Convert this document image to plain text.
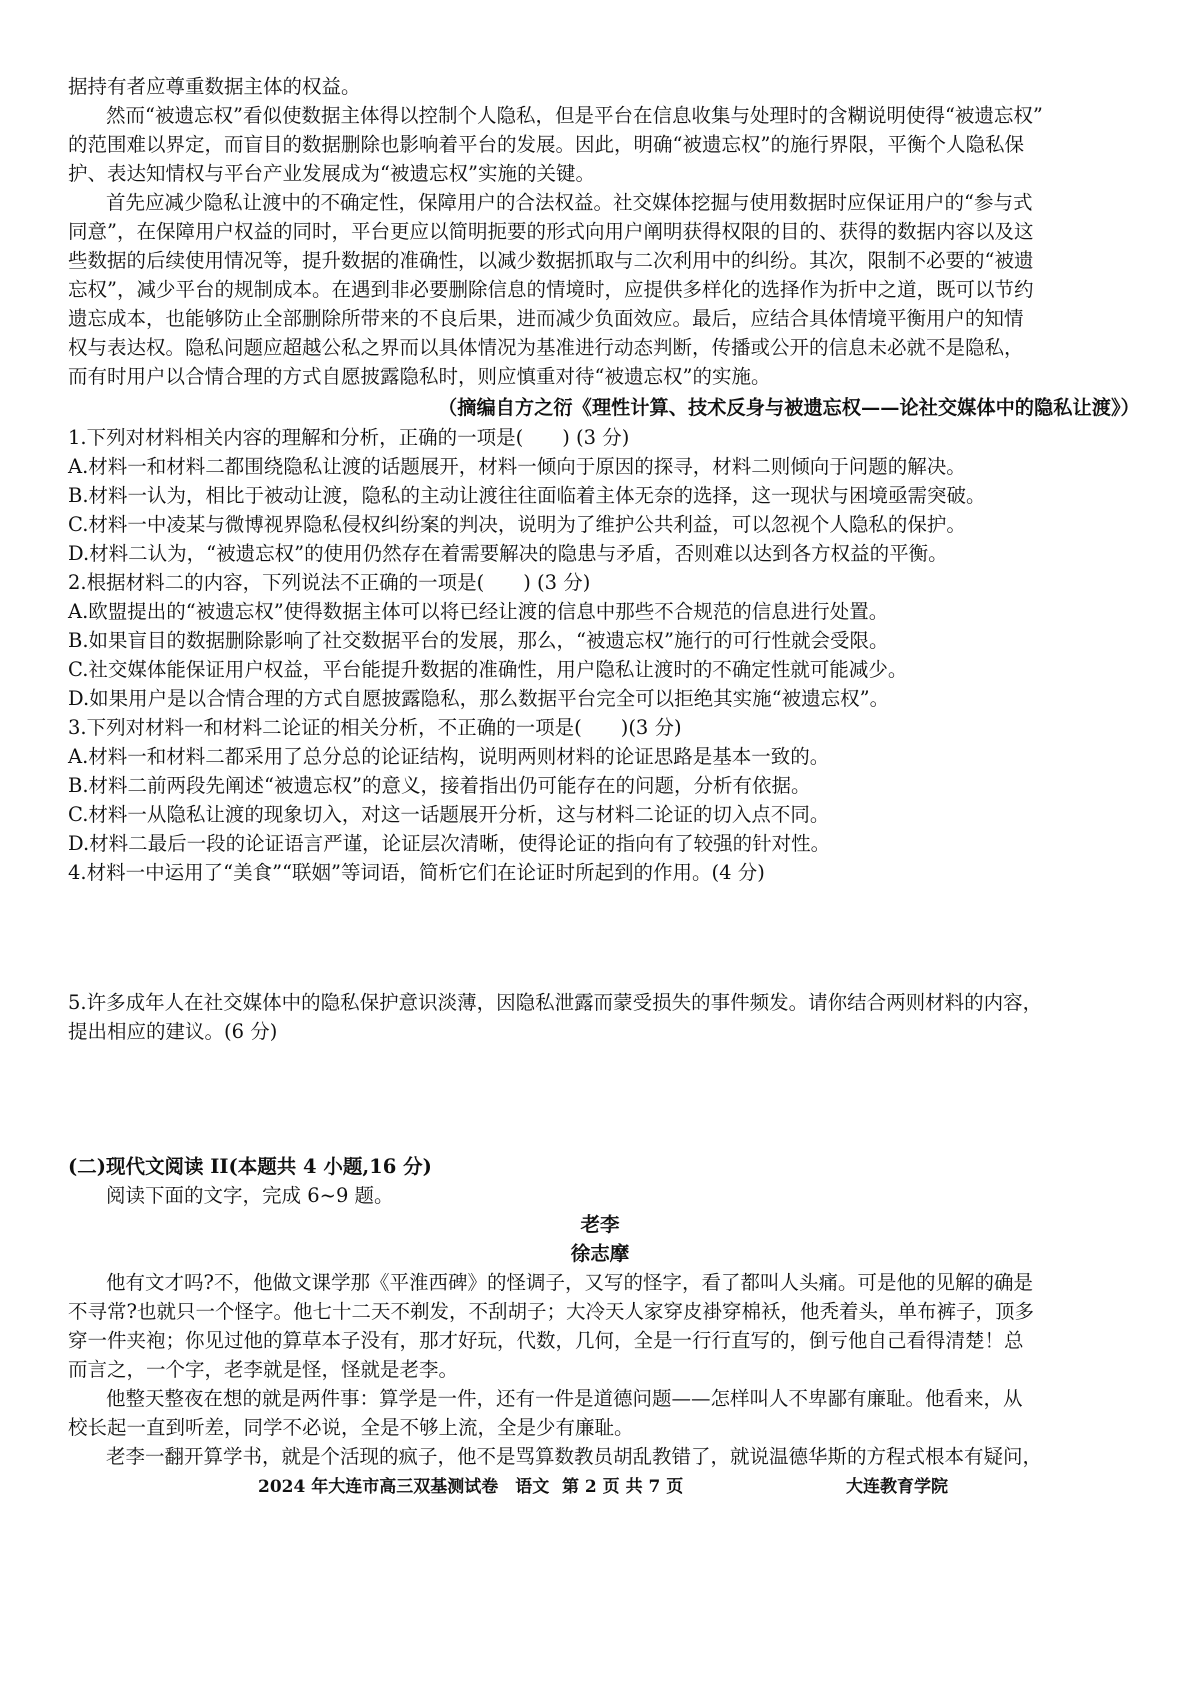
据持有者应尊重数据主体的权益。
然而“被遗忘权”看似使数据主体得以控制个人隐私，但是平台在信息收集与处理时的含糊说明使得“被遗忘权”
的范围难以界定，而盲目的数据删除也影响着平台的发展。因此，明确“被遗忘权”的施行界限，平衡个人隐私保
护、表达知情权与平台产业发展成为“被遗忘权”实施的关键。
首先应减少隐私让渡中的不确定性，保障用户的合法权益。社交媒体挖掘与使用数据时应保证用户的“参与式
同意”，在保障用户权益的同时，平台更应以简明扼要的形式向用户阐明获得权限的目的、获得的数据内容以及这
些数据的后续使用情况等，提升数据的准确性，以减少数据抓取与二次利用中的纠纷。其次，限制不必要的“被遗
忘权”，减少平台的规制成本。在遇到非必要删除信息的情境时，应提供多样化的选择作为折中之道，既可以节约
遗忘成本，也能够防止全部删除所带来的不良后果，进而减少负面效应。最后，应结合具体情境平衡用户的知情
权与表达权。隐私问题应超越公私之界而以具体情况为基准进行动态判断，传播或公开的信息未必就不是隐私，
而有时用户以合情合理的方式自愿披露隐私时，则应慎重对待“被遗忘权”的实施。
（摘编自方之衍《理性计算、技术反身与被遗忘权——论社交媒体中的隐私让渡》）
1.下列对材料相关内容的理解和分析，正确的一项是(　　) (3 分)
A.材料一和材料二都围绕隐私让渡的话题展开，材料一倾向于原因的探寻，材料二则倾向于问题的解决。
B.材料一认为，相比于被动让渡，隐私的主动让渡往往面临着主体无奈的选择，这一现状与困境亟需突破。
C.材料一中凌某与微博视界隐私侵权纠纷案的判决，说明为了维护公共利益，可以忽视个人隐私的保护。
D.材料二认为，“被遗忘权”的使用仍然存在着需要解决的隐患与矛盾，否则难以达到各方权益的平衡。
2.根据材料二的内容，下列说法不正确的一项是(　　) (3 分)
A.欧盟提出的“被遗忘权”使得数据主体可以将已经让渡的信息中那些不合规范的信息进行处置。
B.如果盲目的数据删除影响了社交数据平台的发展，那么，“被遗忘权”施行的可行性就会受限。
C.社交媒体能保证用户权益，平台能提升数据的准确性，用户隐私让渡时的不确定性就可能减少。
D.如果用户是以合情合理的方式自愿披露隐私，那么数据平台完全可以拒绝其实施“被遗忘权”。
3.下列对材料一和材料二论证的相关分析，不正确的一项是(　　)(3 分)
A.材料一和材料二都采用了总分总的论证结构，说明两则材料的论证思路是基本一致的。
B.材料二前两段先阐述“被遗忘权”的意义，接着指出仍可能存在的问题，分析有依据。
C.材料一从隐私让渡的现象切入，对这一话题展开分析，这与材料二论证的切入点不同。
D.材料二最后一段的论证语言严谨，论证层次清晰，使得论证的指向有了较强的针对性。
4.材料一中运用了“美食”“联姻”等词语，简析它们在论证时所起到的作用。(4 分)
5.许多成年人在社交媒体中的隐私保护意识淡薄，因隐私泄露而蒙受损失的事件频发。请你结合两则材料的内容，
提出相应的建议。(6 分)
(二)现代文阅读 II(本题共 4 小题,16 分)
阅读下面的文字，完成 6~9 题。
老李
徐志摩
他有文才吗?不，他做文课学那《平淮西碑》的怪调子，又写的怪字，看了都叫人头痛。可是他的见解的确是
不寻常?也就只一个怪字。他七十二天不剃发，不刮胡子；大冷天人家穿皮褂穿棉袄，他秃着头，单布裤子，顶多
穿一件夹袍；你见过他的算草本子没有，那才好玩，代数，几何，全是一行行直写的，倒亏他自己看得清楚！总
而言之，一个字，老李就是怪，怪就是老李。
他整天整夜在想的就是两件事：算学是一件，还有一件是道德问题——怎样叫人不卑鄙有廉耻。他看来，从
校长起一直到听差，同学不必说，全是不够上流，全是少有廉耻。
老李一翻开算学书，就是个活现的疯子，他不是骂算数教员胡乱教错了，就说温德华斯的方程式根本有疑问，
2024 年大连市高三双基测试卷　语文 第 2 页 共 7 页	大连教育学院
